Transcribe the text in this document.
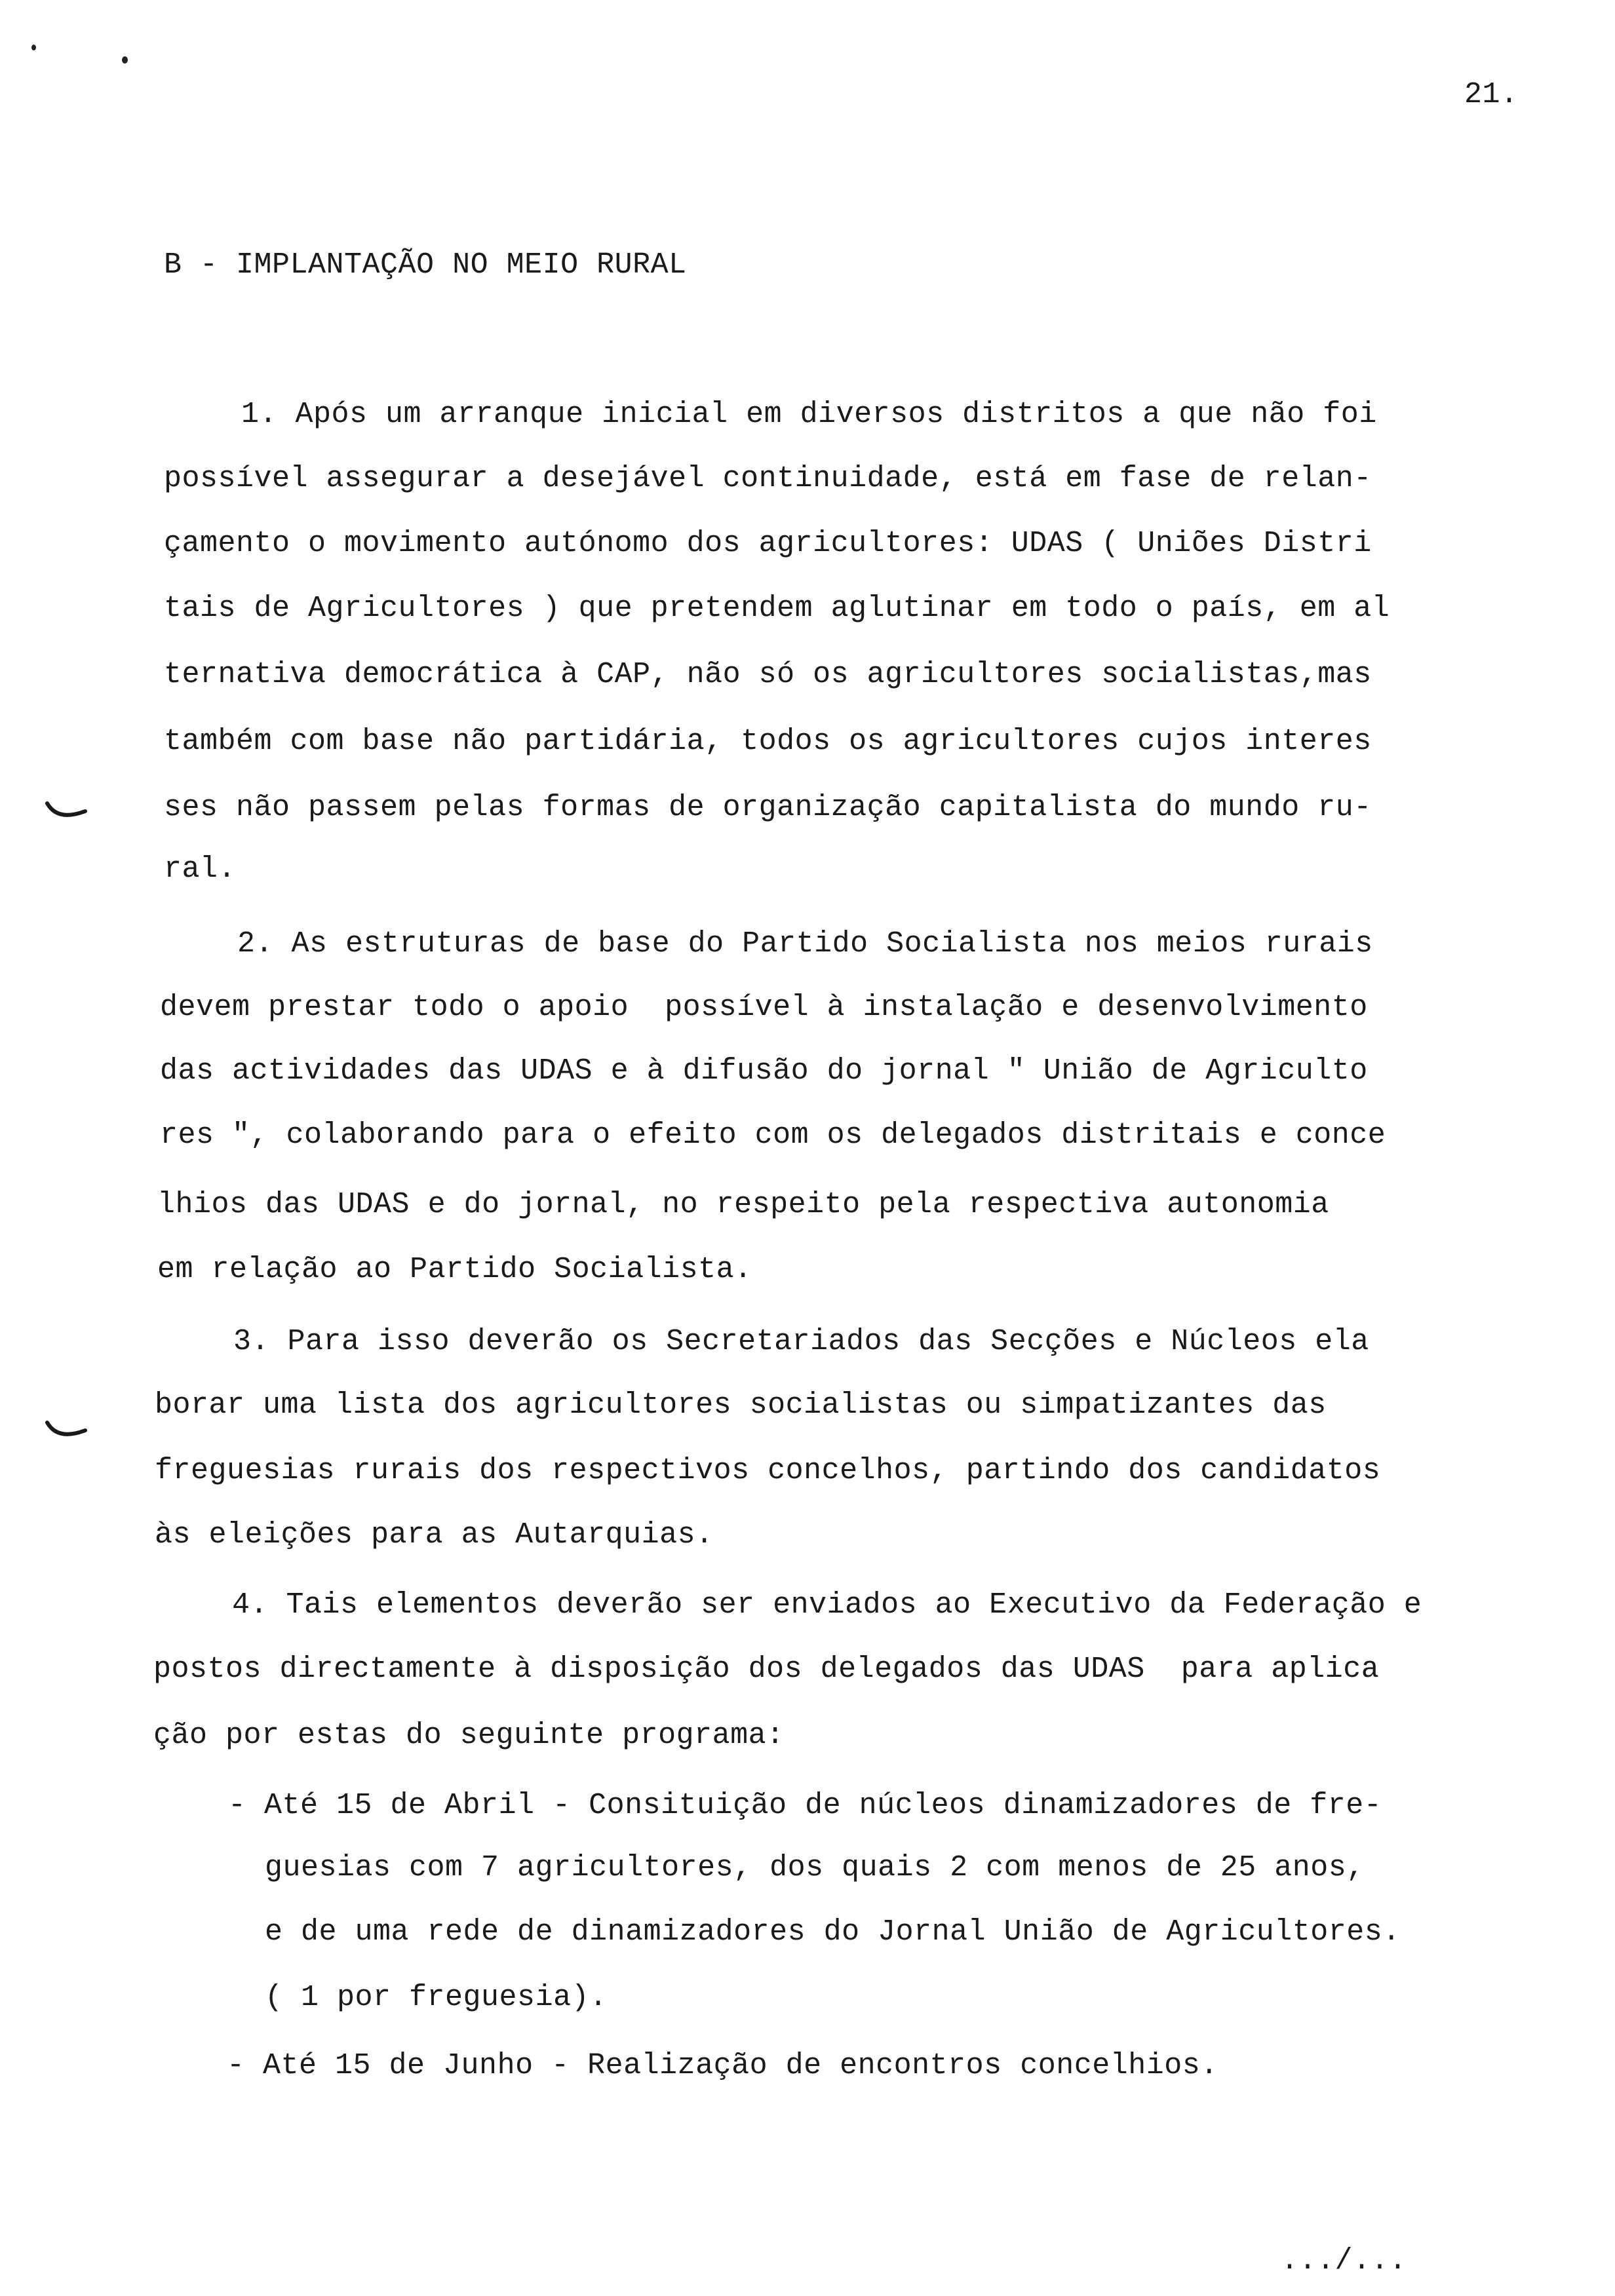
21.
B - IMPLANTAÇÃO NO MEIO RURAL
1. Após um arranque inicial em diversos distritos a que não foi
possível assegurar a desejável continuidade, está em fase de relan-
çamento o movimento autónomo dos agricultores: UDAS ( Uniões Distri
tais de Agricultores ) que pretendem aglutinar em todo o país, em al
ternativa democrática à CAP, não só os agricultores socialistas,mas
também com base não partidária, todos os agricultores cujos interes
ses não passem pelas formas de organização capitalista do mundo ru-
ral.
2. As estruturas de base do Partido Socialista nos meios rurais
devem prestar todo o apoio  possível à instalação e desenvolvimento
das actividades das UDAS e à difusão do jornal " União de Agriculto
res ", colaborando para o efeito com os delegados distritais e conce
lhios das UDAS e do jornal, no respeito pela respectiva autonomia
em relação ao Partido Socialista.
3. Para isso deverão os Secretariados das Secções e Núcleos ela
borar uma lista dos agricultores socialistas ou simpatizantes das
freguesias rurais dos respectivos concelhos, partindo dos candidatos
às eleições para as Autarquias.
4. Tais elementos deverão ser enviados ao Executivo da Federação e
postos directamente à disposição dos delegados das UDAS  para aplica
ção por estas do seguinte programa:
- Até 15 de Abril - Consituição de núcleos dinamizadores de fre-
guesias com 7 agricultores, dos quais 2 com menos de 25 anos,
e de uma rede de dinamizadores do Jornal União de Agricultores.
( 1 por freguesia).
- Até 15 de Junho - Realização de encontros concelhios.
.../...
